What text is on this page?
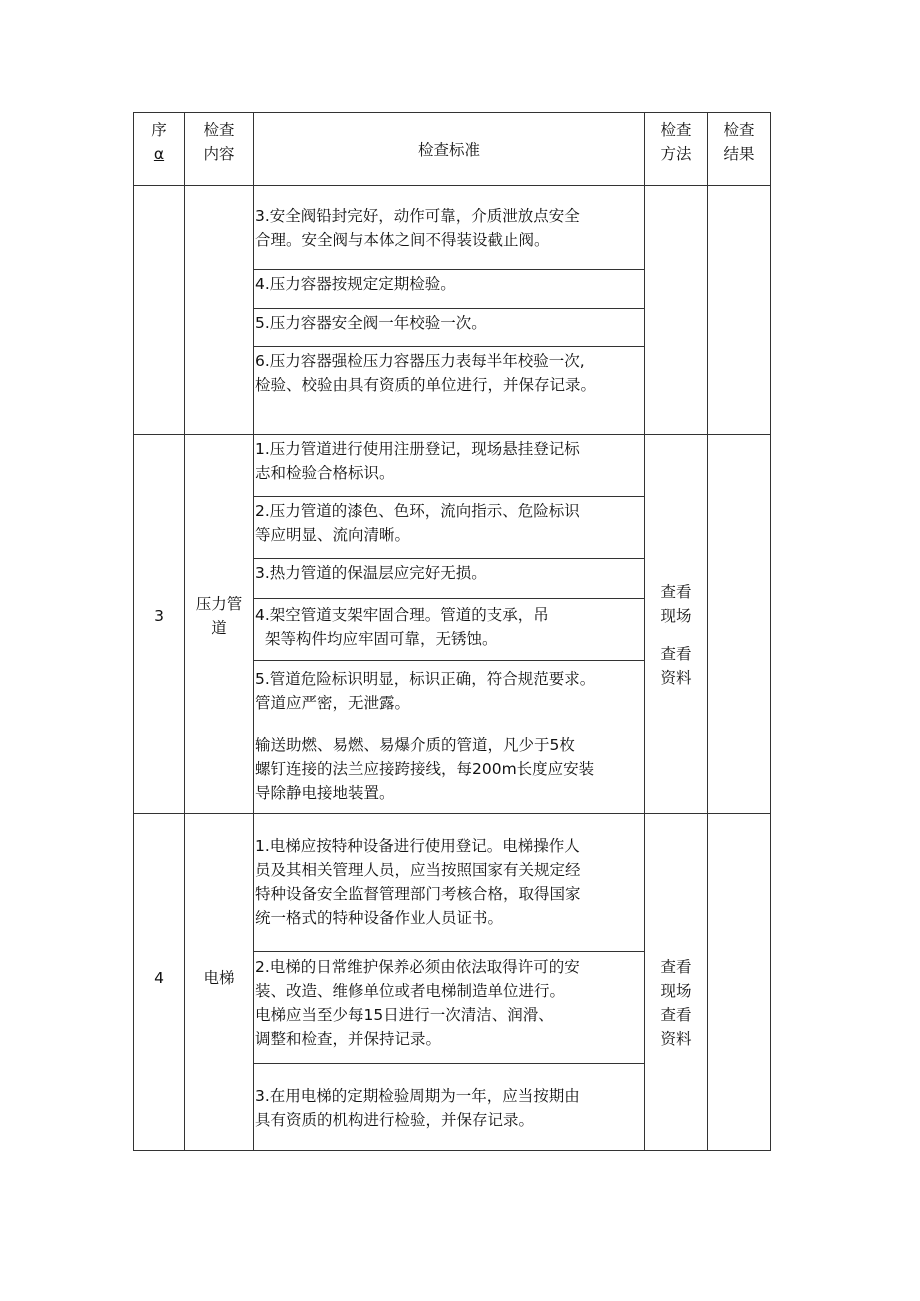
序
α
检查
内容	检查标准
检查
方法
检查
结果
3.安全阀铅封完好，动作可靠，介质泄放点安全
合理。安全阀与本体之间不得装设截止阀。
4.压力容器按规定定期检验。
5.压力容器安全阀一年校验一次。
6.压力容器强检压力容器压力表每半年校验一次,
检验、校验由具有资质的单位进行，并保存记录。
3
压力管
道
查看
现场
查看
资料
1.压力管道进行使用注册登记，现场悬挂登记标
志和检验合格标识。
2.压力管道的漆色、色环，流向指示、危险标识
等应明显、流向清晰。
3.热力管道的保温层应完好无损。
4.架空管道支架牢固合理。管道的支承，吊
架等构件均应牢固可靠，无锈蚀。
5.管道危险标识明显，标识正确，符合规范要求。
管道应严密，无泄露。
输送助燃、易燃、易爆介质的管道，凡少于5枚
螺钉连接的法兰应接跨接线，每200m长度应安装
导除静电接地装置。
4	电梯
查看
现场
查看
资料
1.电梯应按特种设备进行使用登记。电梯操作人
员及其相关管理人员，应当按照国家有关规定经
特种设备安全监督管理部门考核合格，取得国家
统一格式的特种设备作业人员证书。
2.电梯的日常维护保养必须由依法取得许可的安
装、改造、维修单位或者电梯制造单位进行。
电梯应当至少每15日进行一次清洁、润滑、
调整和检查，并保持记录。
3.在用电梯的定期检验周期为一年，应当按期由
具有资质的机构进行检验，并保存记录。
